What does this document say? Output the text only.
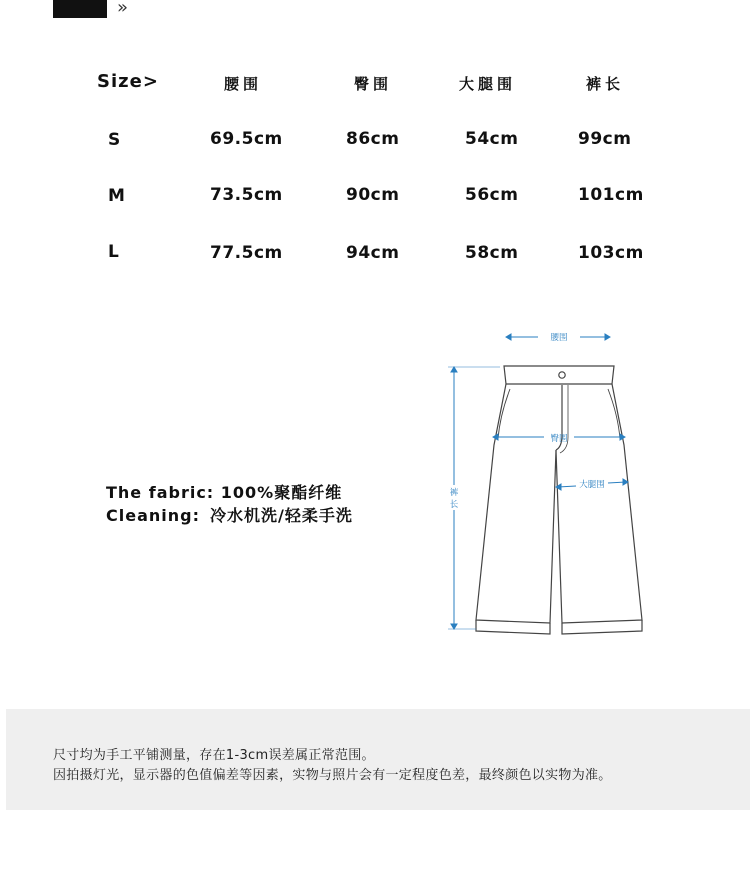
»
Size>	腰围	臀围	大腿围	裤长
S	69.5cm	86cm	54cm	99cm
M	73.5cm	90cm	56cm	101cm
L	77.5cm	94cm	58cm	103cm
The fabric: 100%聚酯纤维
Cleaning: 冷水机洗/轻柔手洗
腰围
臀围
大腿围
裤
长
尺寸均为手工平铺测量，存在1-3cm误差属正常范围。
因拍摄灯光，显示器的色值偏差等因素，实物与照片会有一定程度色差，最终颜色以实物为准。
